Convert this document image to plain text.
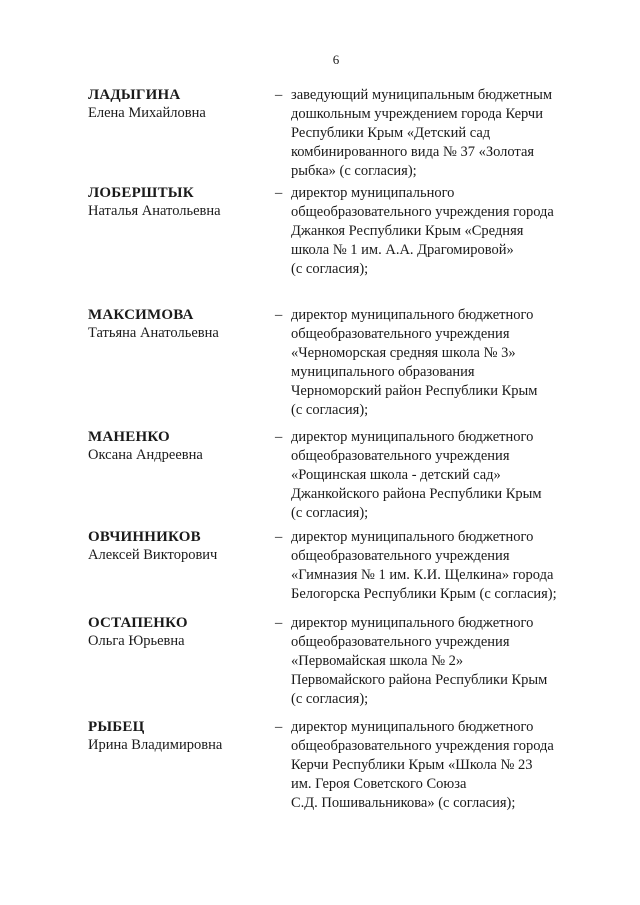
6
ЛАДЫГИНА
Елена Михайловна
– заведующий муниципальным бюджетным
дошкольным учреждением города Керчи
Республики Крым «Детский сад
комбинированного вида № 37 «Золотая
рыбка» (с согласия);
ЛОБЕРШТЫК
Наталья Анатольевна
– директор муниципального
общеобразовательного учреждения города
Джанкоя Республики Крым «Средняя
школа № 1 им. А.А. Драгомировой»
(с согласия);
МАКСИМОВА
Татьяна Анатольевна
– директор муниципального бюджетного
общеобразовательного учреждения
«Черноморская средняя школа № 3»
муниципального образования
Черноморский район Республики Крым
(с согласия);
МАНЕНКО
Оксана Андреевна
– директор муниципального бюджетного
общеобразовательного учреждения
«Рощинская школа - детский сад»
Джанкойского района Республики Крым
(с согласия);
ОВЧИННИКОВ
Алексей Викторович
– директор муниципального бюджетного
общеобразовательного учреждения
«Гимназия № 1 им. К.И. Щелкина» города
Белогорска Республики Крым (с согласия);
ОСТАПЕНКО
Ольга Юрьевна
– директор муниципального бюджетного
общеобразовательного учреждения
«Первомайская школа № 2»
Первомайского района Республики Крым
(с согласия);
РЫБЕЦ
Ирина Владимировна
– директор муниципального бюджетного
общеобразовательного учреждения города
Керчи Республики Крым «Школа № 23
им. Героя Советского Союза
С.Д. Пошивальникова» (с согласия);
